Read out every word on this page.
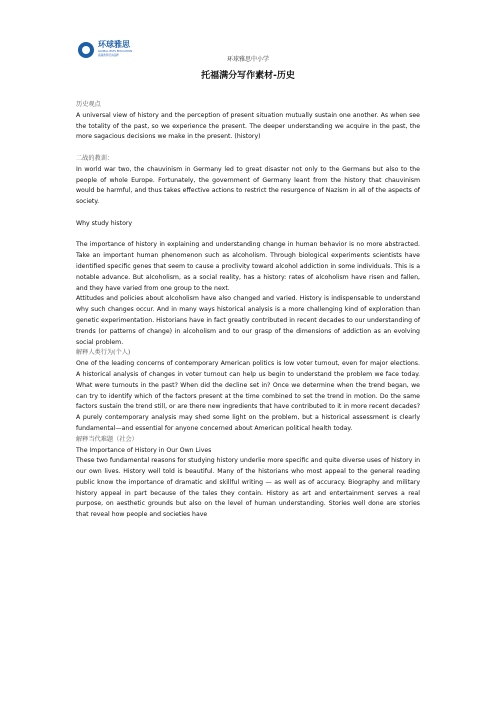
环球雅思
GLOBAL IELTS EDUCATION
高端教育培训品牌
环球雅思中小学
托福满分写作素材-历史

历史观点

A universal view of history and the perception of present situation mutually sustain one another. As when see the totality of the past, so we experience the present. The deeper understanding we acquire in the past, the more sagacious decisions we make in the present. (history)

二战的教训：

In world war two, the chauvinism in Germany led to great disaster not only to the Germans but also to the people of whole Europe. Fortunately, the government of Germany leant from the history that chauvinism would be harmful, and thus takes effective actions to restrict the resurgence of Nazism in all of the aspects of society.

Why study history

The importance of history in explaining and understanding change in human behavior is no more abstracted. Take an important human phenomenon such as alcoholism. Through biological experiments scientists have identified specific genes that seem to cause a proclivity toward alcohol addiction in some individuals. This is a notable advance. But alcoholism, as a social reality, has a history: rates of alcoholism have risen and fallen, and they have varied from one group to the next.

Attitudes and policies about alcoholism have also changed and varied. History is indispensable to understand why such changes occur. And in many ways historical analysis is a more challenging kind of exploration than genetic experimentation. Historians have in fact greatly contributed in recent decades to our understanding of trends (or patterns of change) in alcoholism and to our grasp of the dimensions of addiction as an evolving social problem.

解释人类行为(个人)

One of the leading concerns of contemporary American politics is low voter turnout, even for major elections. A historical analysis of changes in voter turnout can help us begin to understand the problem we face today. What were turnouts in the past? When did the decline set in? Once we determine when the trend began, we can try to identify which of the factors present at the time combined to set the trend in motion. Do the same factors sustain the trend still, or are there new ingredients that have contributed to it in more recent decades? A purely contemporary analysis may shed some light on the problem, but a historical assessment is clearly fundamental—and essential for anyone concerned about American political health today.

解释当代难题（社会）

The Importance of History in Our Own Lives

These two fundamental reasons for studying history underlie more specific and quite diverse uses of history in our own lives. History well told is beautiful. Many of the historians who most appeal to the general reading public know the importance of dramatic and skillful writing — as well as of accuracy. Biography and military history appeal in part because of the tales they contain. History as art and entertainment serves a real purpose, on aesthetic grounds but also on the level of human understanding. Stories well done are stories that reveal how people and societies have
